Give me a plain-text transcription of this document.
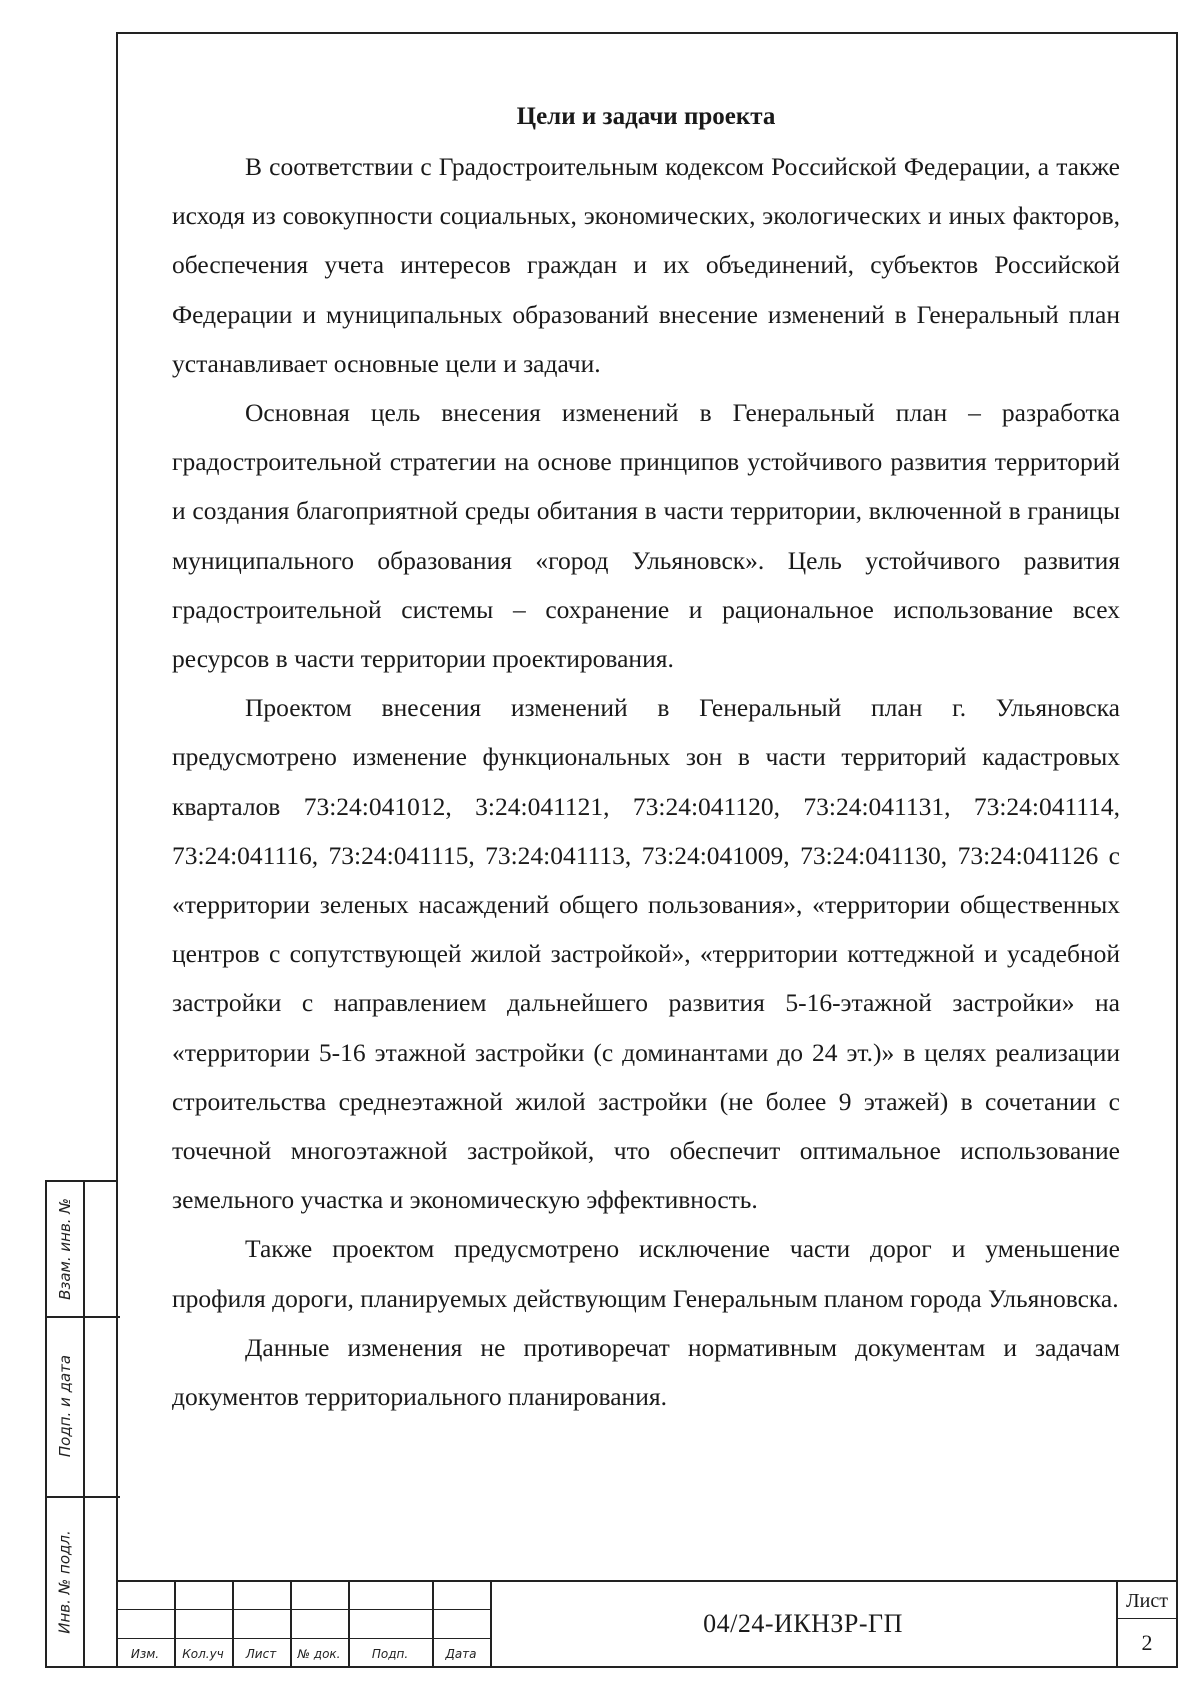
Цели и задачи проекта

В соответствии с Градостроительным кодексом Российской Федерации, а также исходя из совокупности социальных, экономических, экологических и иных факторов, обеспечения учета интересов граждан и их объединений, субъектов Российской Федерации и муниципальных образований внесение изменений в Генеральный план устанавливает основные цели и задачи.

Основная цель внесения изменений в Генеральный план – разработка градостроительной стратегии на основе принципов устойчивого развития территорий и создания благоприятной среды обитания в части территории, включенной в границы муниципального образования «город Ульяновск». Цель устойчивого развития градостроительной системы – сохранение и рациональное использование всех ресурсов в части территории проектирования.

Проектом внесения изменений в Генеральный план г. Ульяновска предусмотрено изменение функциональных зон в части территорий кадастровых кварталов 73:24:041012, 3:24:041121, 73:24:041120, 73:24:041131, 73:24:041114, 73:24:041116, 73:24:041115, 73:24:041113, 73:24:041009, 73:24:041130, 73:24:041126 с «территории зеленых насаждений общего пользования», «территории общественных центров с сопутствующей жилой застройкой», «территории коттеджной и усадебной застройки с направлением дальнейшего развития 5-16-этажной застройки» на «территории 5-16 этажной застройки (с доминантами до 24 эт.)» в целях реализации строительства среднеэтажной жилой застройки (не более 9 этажей) в сочетании с точечной многоэтажной застройкой, что обеспечит оптимальное использование земельного участка и экономическую эффективность.

Также проектом предусмотрено исключение части дорог и уменьшение профиля дороги, планируемых действующим Генеральным планом города Ульяновска.

Данные изменения не противоречат нормативным документам и задачам документов территориального планирования.

Взам. инв. №
Подп. и дата
Инв. № подл.
Изм.	Кол.уч	Лист	№ док.	Подп.	Дата
04/24-ИКНЗР-ГП
Лист
2
